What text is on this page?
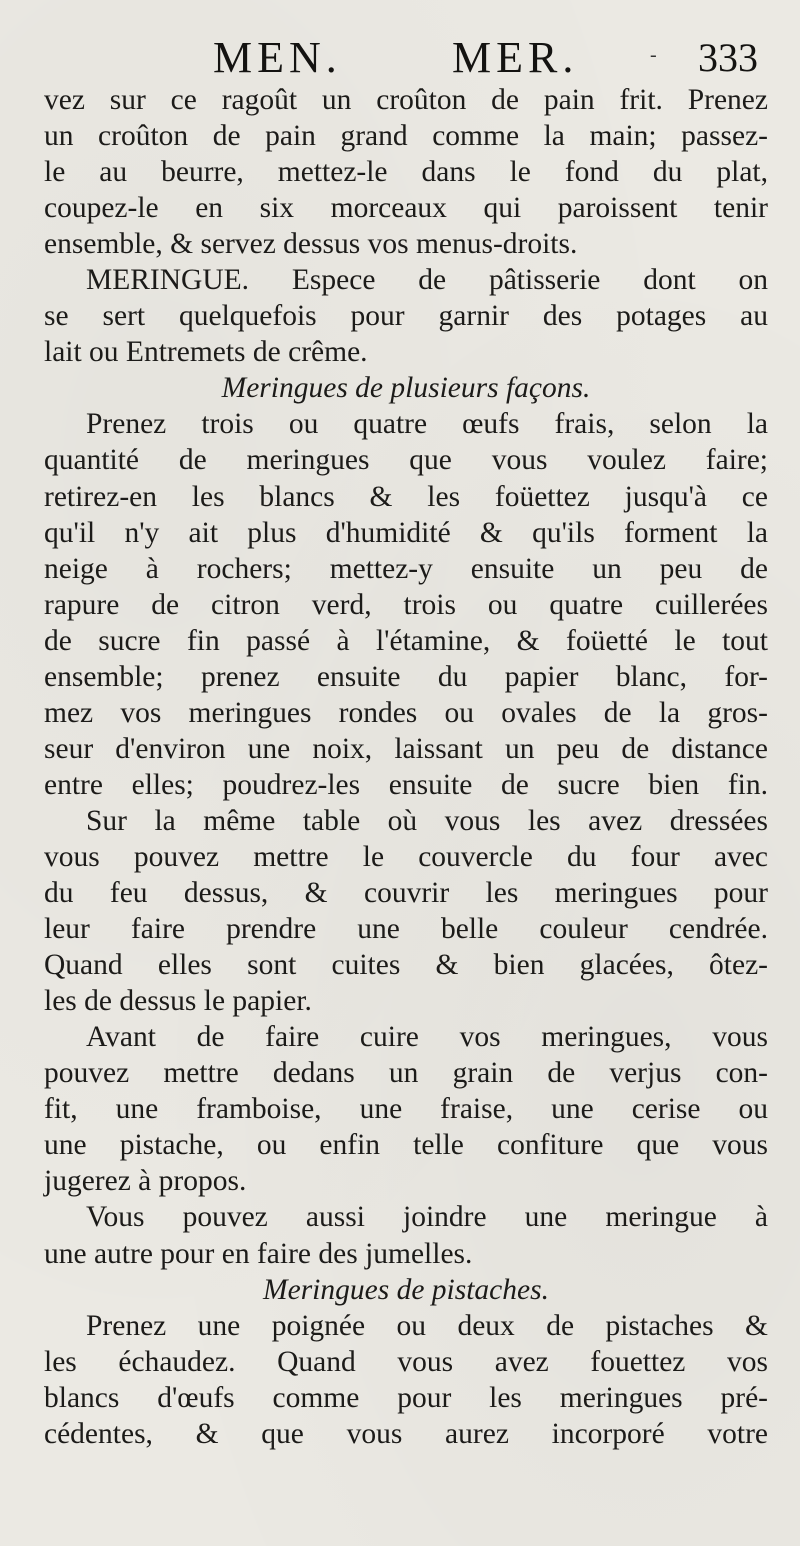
MEN.	MER.	- 333
vez sur ce ragoût un croûton de pain frit. Prenez
un croûton de pain grand comme la main; passez-
le au beurre, mettez-le dans le fond du plat,
coupez-le en six morceaux qui paroissent tenir
ensemble, & servez dessus vos menus-droits.
MERINGUE. Espece de pâtisserie dont on
se sert quelquefois pour garnir des potages au
lait ou Entremets de crême.
Meringues de plusieurs façons.
Prenez trois ou quatre œufs frais, selon la
quantité de meringues que vous voulez faire;
retirez-en les blancs & les foüettez jusqu'à ce
qu'il n'y ait plus d'humidité & qu'ils forment la
neige à rochers; mettez-y ensuite un peu de
rapure de citron verd, trois ou quatre cuillerées
de sucre fin passé à l'étamine, & foüetté le tout
ensemble; prenez ensuite du papier blanc, for-
mez vos meringues rondes ou ovales de la gros-
seur d'environ une noix, laissant un peu de distance
entre elles; poudrez-les ensuite de sucre bien fin.
Sur la même table où vous les avez dressées
vous pouvez mettre le couvercle du four avec
du feu dessus, & couvrir les meringues pour
leur faire prendre une belle couleur cendrée.
Quand elles sont cuites & bien glacées, ôtez-
les de dessus le papier.
Avant de faire cuire vos meringues, vous
pouvez mettre dedans un grain de verjus con-
fit, une framboise, une fraise, une cerise ou
une pistache, ou enfin telle confiture que vous
jugerez à propos.
Vous pouvez aussi joindre une meringue à
une autre pour en faire des jumelles.
Meringues de pistaches.
Prenez une poignée ou deux de pistaches &
les échaudez. Quand vous avez fouettez vos
blancs d'œufs comme pour les meringues pré-
cédentes, & que vous aurez incorporé votre
